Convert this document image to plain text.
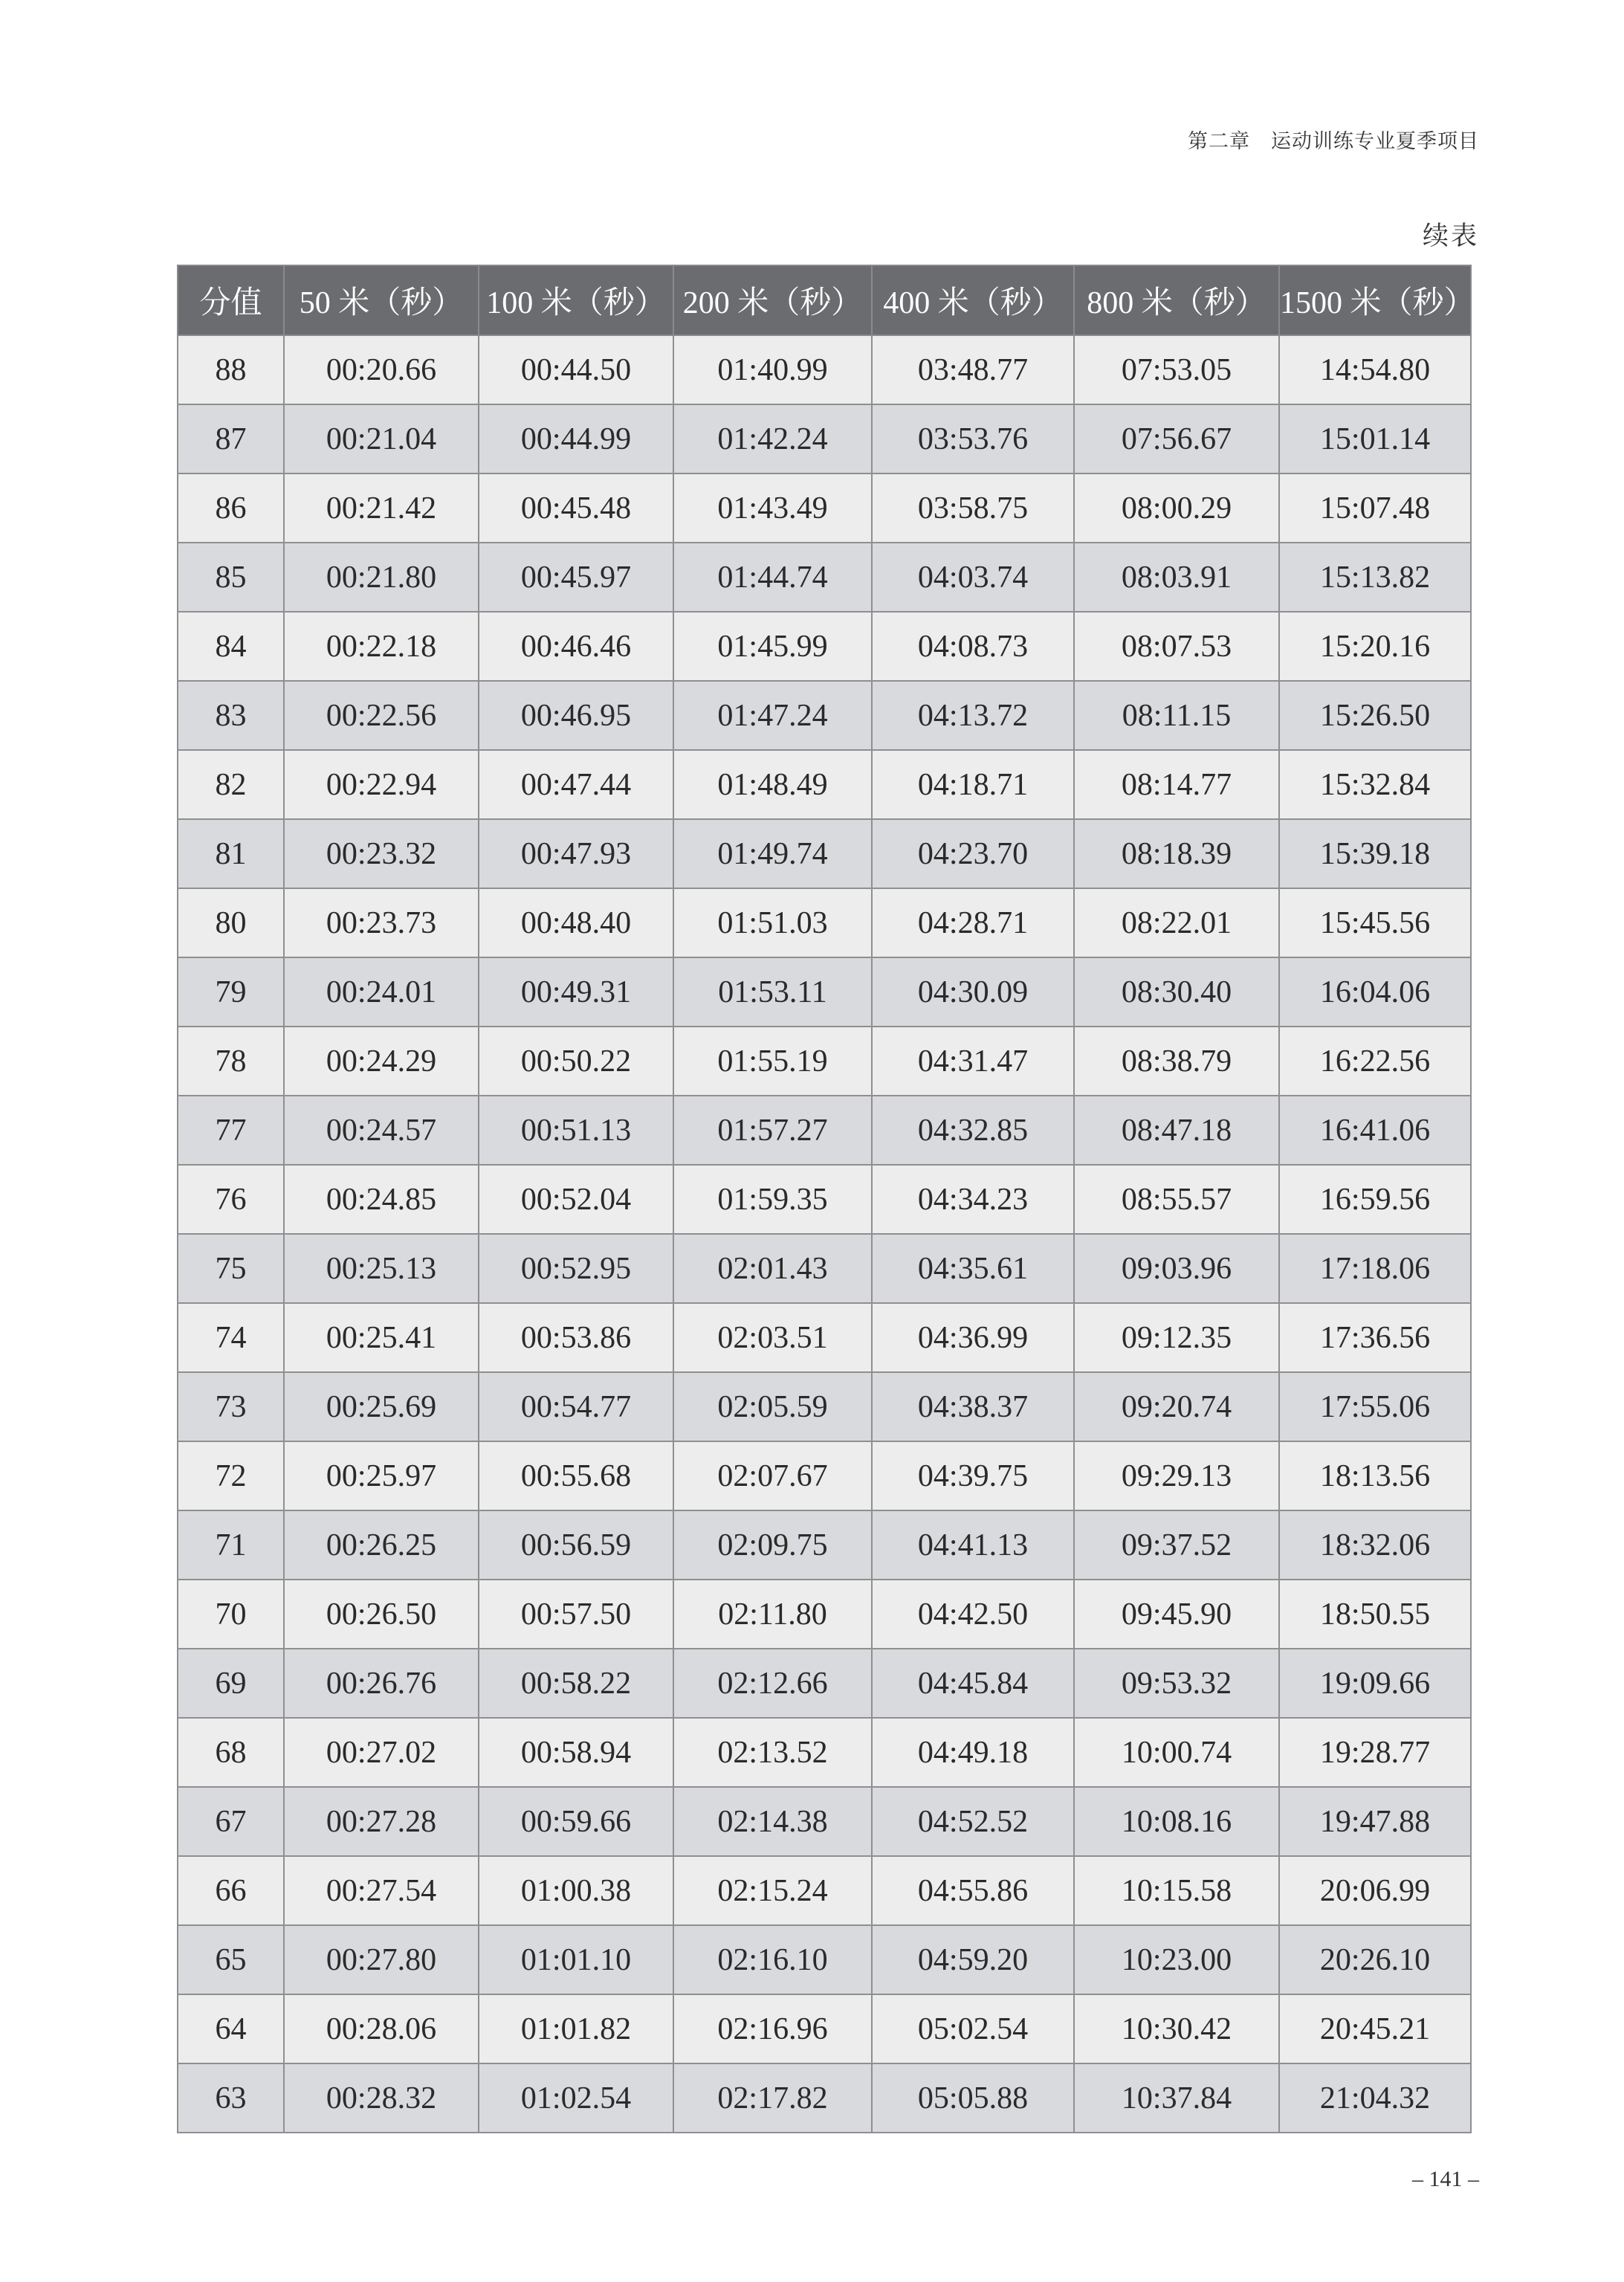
第二章　运动训练专业夏季项目
续表
分值	50 米（秒）	100 米（秒）	200 米（秒）	400 米（秒）	800 米（秒）	1500 米（秒）
88	00:20.66	00:44.50	01:40.99	03:48.77	07:53.05	14:54.80
87	00:21.04	00:44.99	01:42.24	03:53.76	07:56.67	15:01.14
86	00:21.42	00:45.48	01:43.49	03:58.75	08:00.29	15:07.48
85	00:21.80	00:45.97	01:44.74	04:03.74	08:03.91	15:13.82
84	00:22.18	00:46.46	01:45.99	04:08.73	08:07.53	15:20.16
83	00:22.56	00:46.95	01:47.24	04:13.72	08:11.15	15:26.50
82	00:22.94	00:47.44	01:48.49	04:18.71	08:14.77	15:32.84
81	00:23.32	00:47.93	01:49.74	04:23.70	08:18.39	15:39.18
80	00:23.73	00:48.40	01:51.03	04:28.71	08:22.01	15:45.56
79	00:24.01	00:49.31	01:53.11	04:30.09	08:30.40	16:04.06
78	00:24.29	00:50.22	01:55.19	04:31.47	08:38.79	16:22.56
77	00:24.57	00:51.13	01:57.27	04:32.85	08:47.18	16:41.06
76	00:24.85	00:52.04	01:59.35	04:34.23	08:55.57	16:59.56
75	00:25.13	00:52.95	02:01.43	04:35.61	09:03.96	17:18.06
74	00:25.41	00:53.86	02:03.51	04:36.99	09:12.35	17:36.56
73	00:25.69	00:54.77	02:05.59	04:38.37	09:20.74	17:55.06
72	00:25.97	00:55.68	02:07.67	04:39.75	09:29.13	18:13.56
71	00:26.25	00:56.59	02:09.75	04:41.13	09:37.52	18:32.06
70	00:26.50	00:57.50	02:11.80	04:42.50	09:45.90	18:50.55
69	00:26.76	00:58.22	02:12.66	04:45.84	09:53.32	19:09.66
68	00:27.02	00:58.94	02:13.52	04:49.18	10:00.74	19:28.77
67	00:27.28	00:59.66	02:14.38	04:52.52	10:08.16	19:47.88
66	00:27.54	01:00.38	02:15.24	04:55.86	10:15.58	20:06.99
65	00:27.80	01:01.10	02:16.10	04:59.20	10:23.00	20:26.10
64	00:28.06	01:01.82	02:16.96	05:02.54	10:30.42	20:45.21
63	00:28.32	01:02.54	02:17.82	05:05.88	10:37.84	21:04.32
– 141 –
